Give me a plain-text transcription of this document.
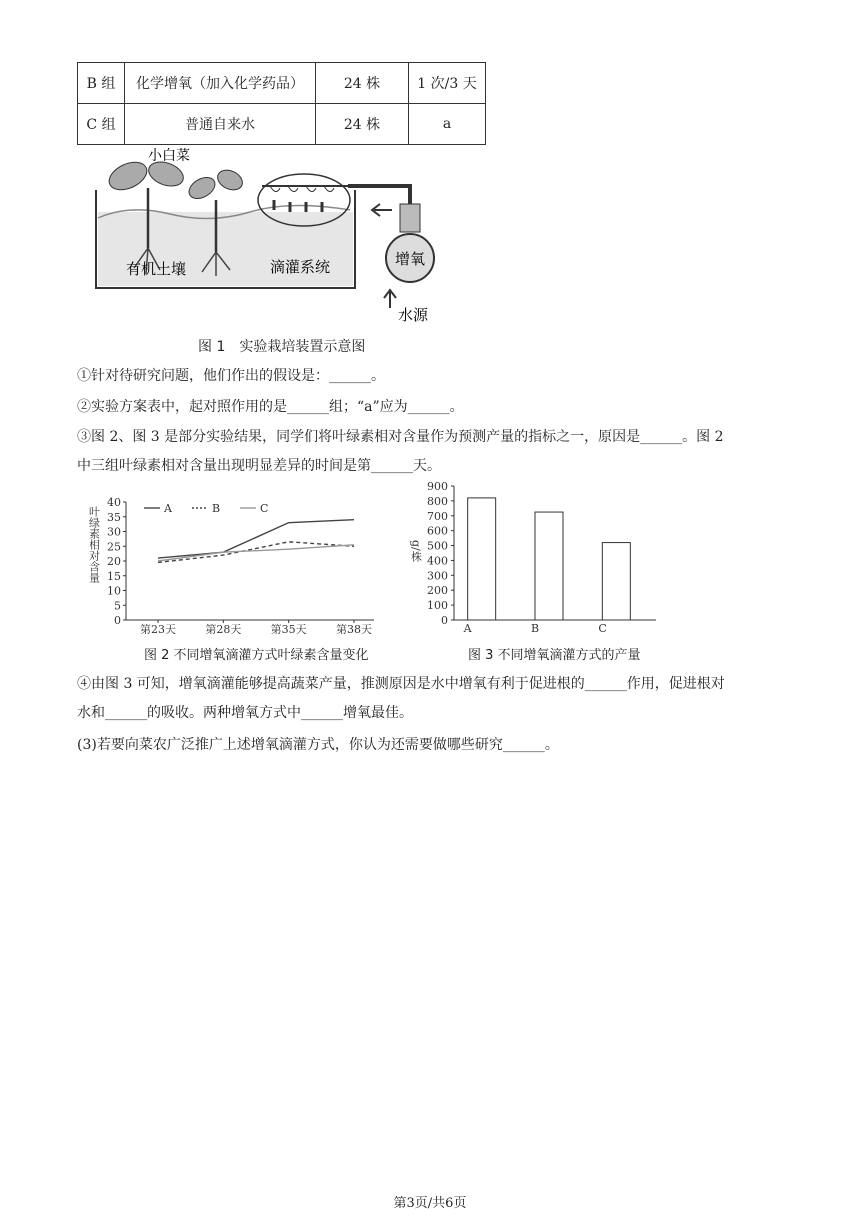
B 组	化学增氧（加入化学药品）	24 株	1 次/3 天
C 组	普通自来水	24 株	a
小白菜
有机土壤	滴灌系统	增氧
水源
图 1　实验栽培装置示意图
①针对待研究问题，他们作出的假设是：______。
②实验方案表中，起对照作用的是______组；“a”应为______。
③图 2、图 3 是部分实验结果，同学们将叶绿素相对含量作为预测产量的指标之一，原因是______。图 2
中三组叶绿素相对含量出现明显差异的时间是第______天。
0
5
10
15
20
25
30
35
40
第23天	第28天	第35天	第38天
叶绿素相对含量	A	B	C
图 2 不同增氧滴灌方式叶绿素含量变化
0
100
200
300
400
500
600
700
800
900
g/株
A	B	C
图 3 不同增氧滴灌方式的产量
④由图 3 可知，增氧滴灌能够提高蔬菜产量，推测原因是水中增氧有利于促进根的______作用，促进根对
水和______的吸收。两种增氧方式中______增氧最佳。
(3)若要向菜农广泛推广上述增氧滴灌方式，你认为还需要做哪些研究______。
第3页/共6页
